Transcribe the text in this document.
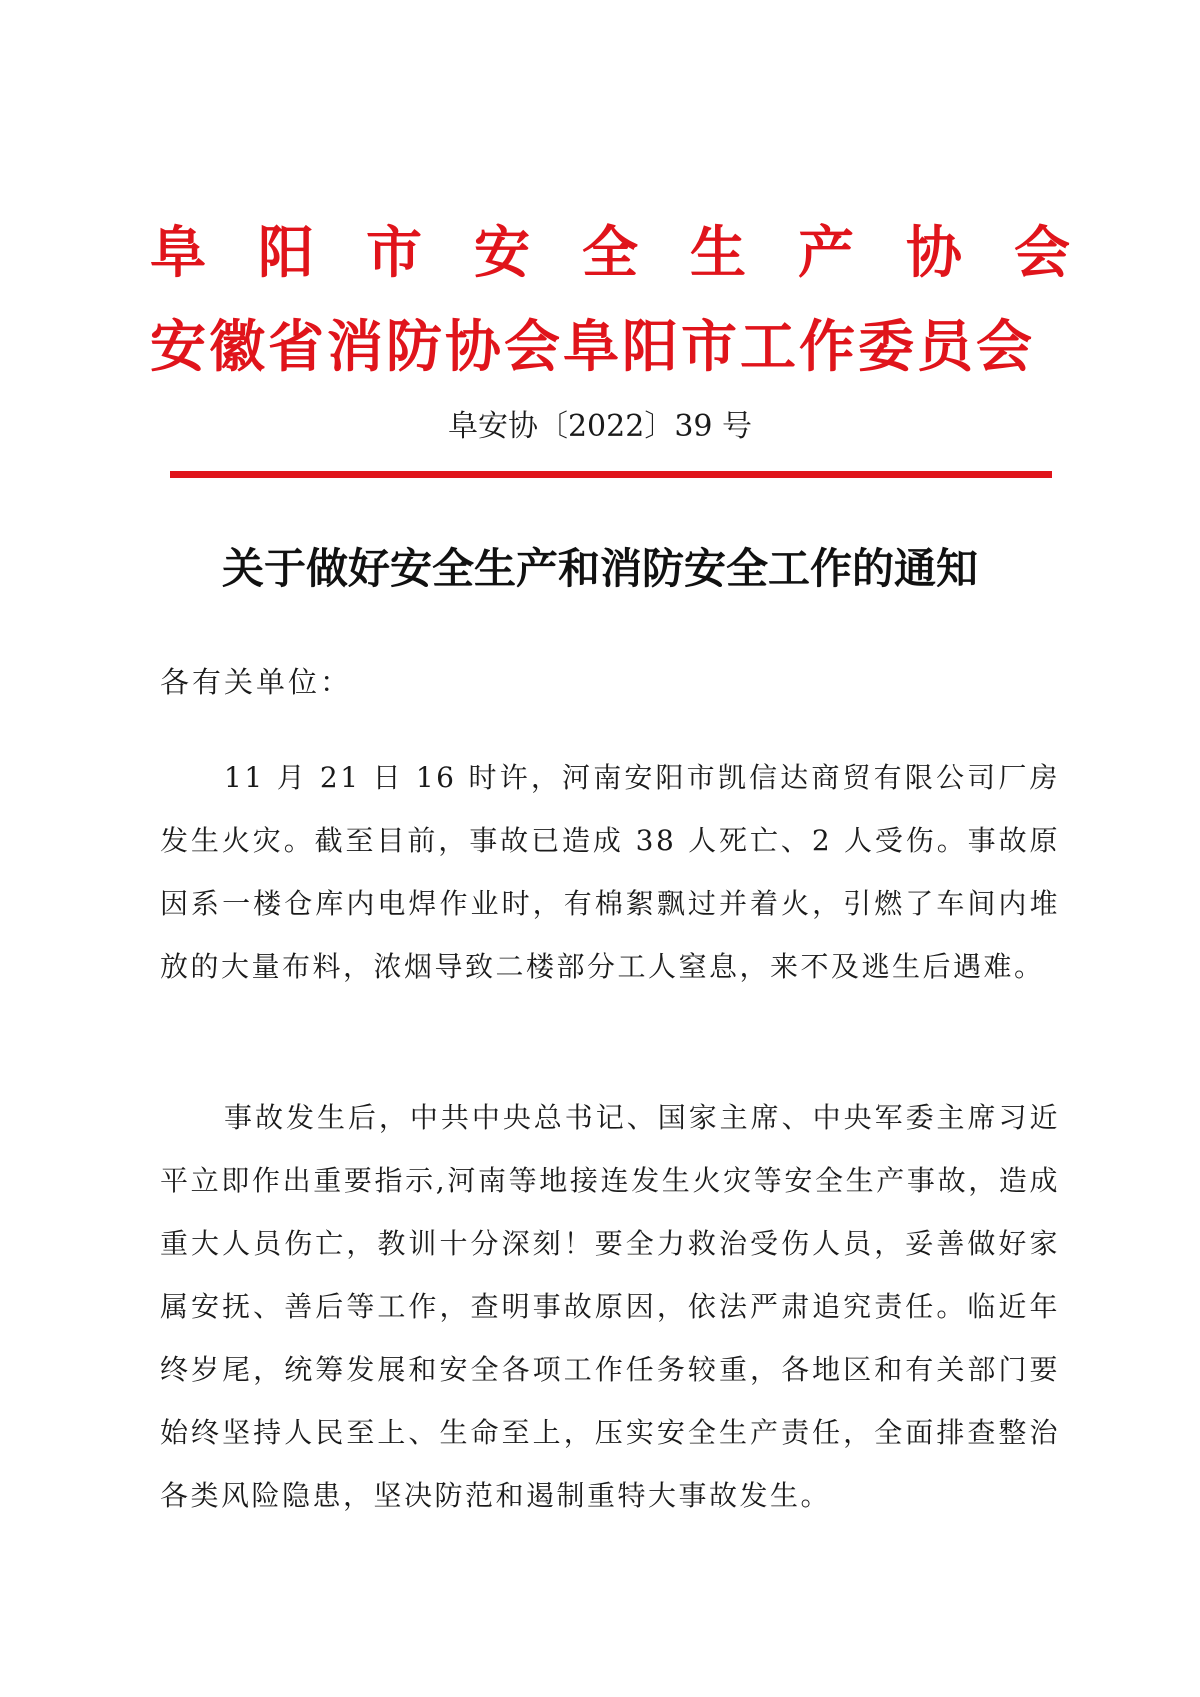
阜阳市安全生产协会
安徽省消防协会阜阳市工作委员会
阜安协〔2022〕39 号
关于做好安全生产和消防安全工作的通知
各有关单位：

11 月 21 日 16 时许，河南安阳市凯信达商贸有限公司厂房发生火灾。截至目前，事故已造成 38 人死亡、2 人受伤。事故原因系一楼仓库内电焊作业时，有棉絮飘过并着火，引燃了车间内堆放的大量布料，浓烟导致二楼部分工人窒息，来不及逃生后遇难。

事故发生后，中共中央总书记、国家主席、中央军委主席习近平立即作出重要指示,河南等地接连发生火灾等安全生产事故，造成重大人员伤亡，教训十分深刻！要全力救治受伤人员，妥善做好家属安抚、善后等工作，查明事故原因，依法严肃追究责任。临近年终岁尾，统筹发展和安全各项工作任务较重，各地区和有关部门要始终坚持人民至上、生命至上，压实安全生产责任，全面排查整治各类风险隐患，坚决防范和遏制重特大事故发生。
